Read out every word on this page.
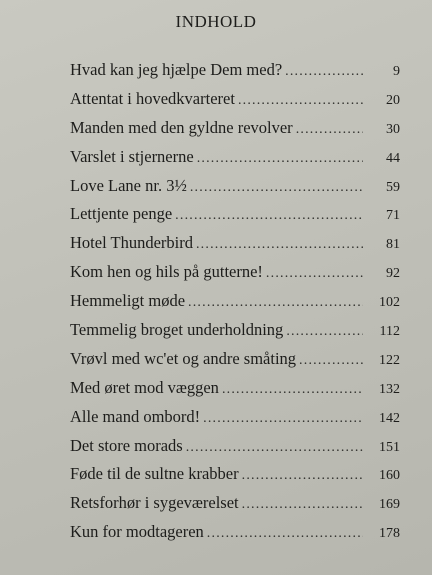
INDHOLD
Hvad kan jeg hjælpe Dem med? .....	9
Attentat i hovedkvarteret .....	20
Manden med den gyldne revolver .....	30
Varslet i stjernerne .....	44
Love Lane nr. 3½ .....	59
Lettjente penge .....	71
Hotel Thunderbird .....	81
Kom hen og hils på gutterne! .....	92
Hemmeligt møde .....	102
Temmelig broget underholdning .....	112
Vrøvl med wc'et og andre småting .....	122
Med øret mod væggen .....	132
Alle mand ombord! .....	142
Det store morads .....	151
Føde til de sultne krabber .....	160
Retsforhør i sygeværelset .....	169
Kun for modtageren .....	178
